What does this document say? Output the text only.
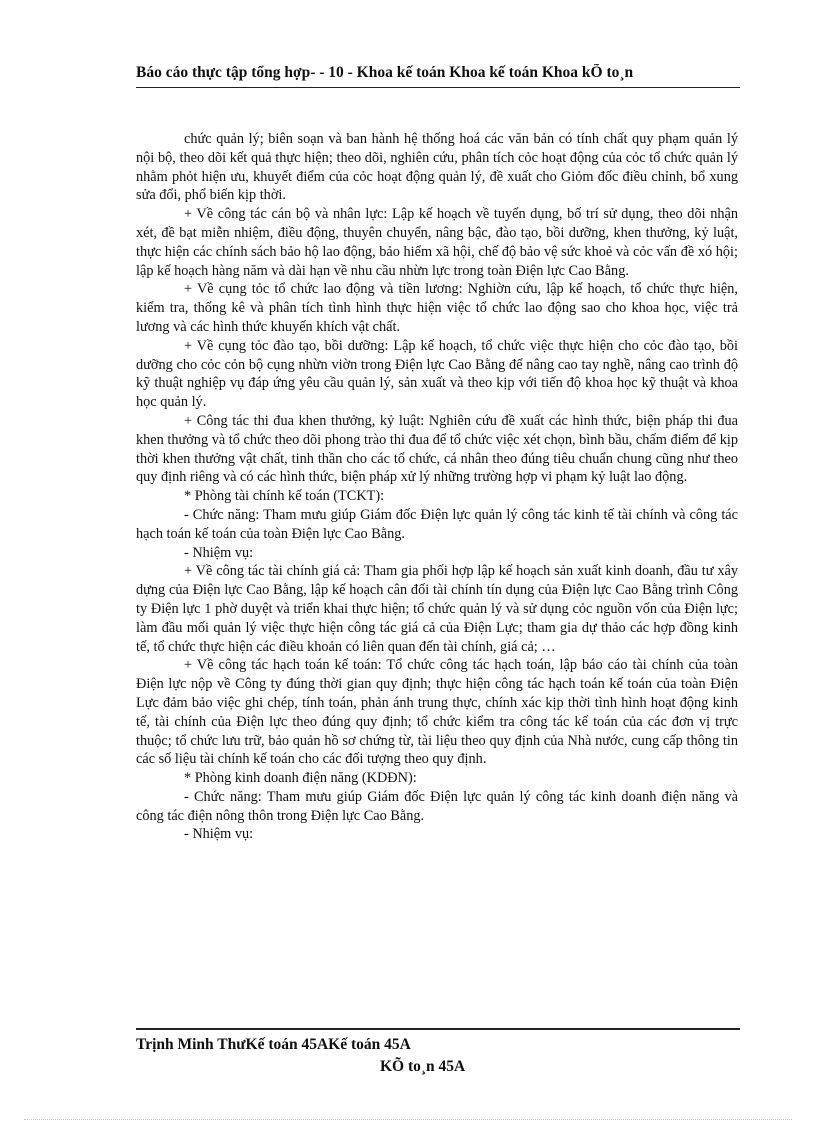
Báo cáo thực tập tổng hợp- - 10 - Khoa kế toán Khoa kế toán Khoa kÕ to¸n

chức quản lý; biên soạn và ban hành hệ thống hoá các văn bản có tính chất quy phạm quản lý nội bộ, theo dõi kết quả thực hiện; theo dõi, nghiên cứu, phân tích cỏc hoạt động của cỏc tổ chức quản lý nhằm phỏt hiện ưu, khuyết điểm của cỏc hoạt động quản lý, đề xuất cho Giỏm đốc điều chỉnh, bổ xung sửa đổi, phổ biến kịp thời.

+ Về công tác cán bộ và nhân lực: Lập kế hoạch về tuyển dụng, bố trí sử dụng, theo dõi nhận xét, đề bạt miễn nhiệm, điều động, thuyên chuyển, nâng bậc, đào tạo, bồi dưỡng, khen thưởng, kỷ luật, thực hiện các chính sách bảo hộ lao động, bảo hiểm xã hội, chế độ bảo vệ sức khoẻ và cỏc vấn đề xó hội; lập kế hoạch hàng năm và dài hạn về nhu cầu nhừn lực trong toàn Điện lực Cao Bằng.

+ Về cụng tỏc tổ chức lao động và tiền lương: Nghiờn cứu, lập kế hoạch, tổ chức thực hiện, kiểm tra, thống kê và phân tích tình hình thực hiện việc tổ chức lao động sao cho khoa học, việc trả lương và các hình thức khuyến khích vật chất.

+ Về cụng tỏc đào tạo, bồi dưỡng: Lập kế hoạch, tổ chức việc thực hiện cho cỏc đào tạo, bồi dưỡng cho cỏc cỏn bộ cụng nhừn viờn trong Điện lực Cao Bằng để nâng cao tay nghề, nâng cao trình độ kỹ thuật nghiệp vụ đáp ứng yêu cầu quản lý, sản xuất và theo kịp với tiến độ khoa học kỹ thuật và khoa học quản lý.

+ Công tác thi đua khen thưởng, kỷ luật: Nghiên cứu đề xuất các hình thức, biện pháp thi đua khen thưởng và tổ chức theo dõi phong trào thi đua để tổ chức việc xét chọn, bình bầu, chấm điểm để kịp thời khen thưởng vật chất, tinh thần cho các tổ chức, cá nhân theo đúng tiêu chuẩn chung cũng như theo quy định riêng và có các hình thức, biện pháp xử lý những trường hợp vi phạm kỷ luật lao động.

* Phòng tài chính kế toán (TCKT):

- Chức năng: Tham mưu giúp Giám đốc Điện lực quản lý công tác kinh tế tài chính và công tác hạch toán kế toán của toàn Điện lực Cao Bằng.

- Nhiệm vụ:

+ Về công tác tài chính giá cả: Tham gia phối hợp lập kế hoạch sản xuất kinh doanh, đầu tư xây dựng của Điện lực Cao Bằng, lập kế hoạch cân đối tài chính tín dụng của Điện lực Cao Bằng trình Công ty Điện lực 1 phờ duyệt và triển khai thực hiện; tổ chức quản lý và sử dụng cỏc nguồn vốn của Điện lực; làm đầu mối quản lý việc thực hiện công tác giá cả của Điện Lực; tham gia dự thảo các hợp đồng kinh tế, tổ chức thực hiện các điều khoản có liên quan đến tài chính, giá cả; …

+ Về công tác hạch toán kế toán: Tổ chức công tác hạch toán, lập báo cáo tài chính của toàn Điện lực nộp về Công ty đúng thời gian quy định; thực hiện công tác hạch toán kế toán của toàn Điện Lực đảm bảo việc ghi chép, tính toán, phản ánh trung thực, chính xác kịp thời tình hình hoạt động kinh tế, tài chính của Điện lực theo đúng quy định; tổ chức kiểm tra công tác kế toán của các đơn vị trực thuộc; tổ chức lưu trữ, bảo quản hồ sơ chứng từ, tài liệu theo quy định của Nhà nước, cung cấp thông tin các số liệu tài chính kế toán cho các đối tượng theo quy định.

* Phòng kinh doanh điện năng (KDĐN):

- Chức năng: Tham mưu giúp Giám đốc Điện lực quản lý công tác kinh doanh điện năng và công tác điện nông thôn trong Điện lực Cao Bằng.

- Nhiệm vụ:

Trịnh Minh ThưKế toán 45AKế toán 45A
KÕ to¸n 45A
